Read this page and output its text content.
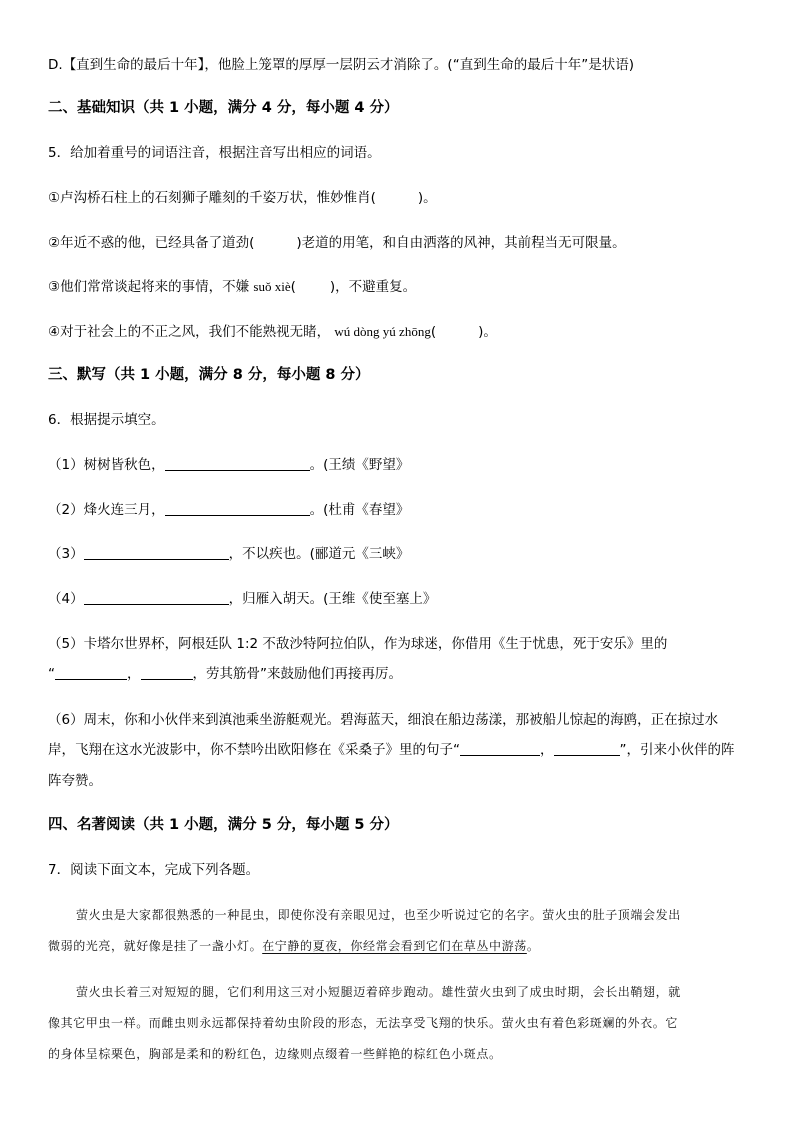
D.【直到生命的最后十年】，他脸上笼罩的厚厚一层阴云才消除了。(“直到生命的最后十年”是状语)
二、基础知识（共 1 小题，满分 4 分，每小题 4 分）
5．给加着重号的词语注音，根据注音写出相应的词语。
①卢沟桥石柱上的石刻狮子雕刻的千姿万状，惟妙惟肖(	)。
②年近不惑的他，已经具备了道劲(	)老道的用笔，和自由洒落的风神，其前程当无可限量。
③他们常常谈起将来的事情，不嫌 suǒ xiè(	)，不避重复。
④对于社会上的不正之风，我们不能熟视无睹， wú dòng yú zhōng(	)。
三、默写（共 1 小题，满分 8 分，每小题 8 分）
6．根据提示填空。
（1）树树皆秋色，	。(王绩《野望》
（2）烽火连三月，	。(杜甫《春望》
（3）	，不以疾也。(郦道元《三峡》
（4）	，归雁入胡天。(王维《使至塞上》
（5）卡塔尔世界杯，阿根廷队 1:2 不敌沙特阿拉伯队，作为球迷，你借用《生于忧患，死于安乐》里的
“	，	，劳其筋骨”来鼓励他们再接再厉。
（6）周末，你和小伙伴来到滇池乘坐游艇观光。碧海蓝天，细浪在船边荡漾，那被船儿惊起的海鸥，正在掠过水
岸，飞翔在这水光波影中，你不禁吟出欧阳修在《采桑子》里的句子“	，	”，引来小伙伴的阵
阵夸赞。
四、名著阅读（共 1 小题，满分 5 分，每小题 5 分）
7．阅读下面文本，完成下列各题。
萤火虫是大家都很熟悉的一种昆虫，即使你没有亲眼见过，也至少听说过它的名字。萤火虫的肚子顶端会发出
微弱的光亮，就好像是挂了一盏小灯。在宁静的夏夜，你经常会看到它们在草丛中游荡。
萤火虫长着三对短短的腿，它们利用这三对小短腿迈着碎步跑动。雄性萤火虫到了成虫时期，会长出鞘翅，就
像其它甲虫一样。而雌虫则永远都保持着幼虫阶段的形态，无法享受飞翔的快乐。萤火虫有着色彩斑斓的外衣。它
的身体呈棕栗色，胸部是柔和的粉红色，边缘则点缀着一些鲜艳的棕红色小斑点。
